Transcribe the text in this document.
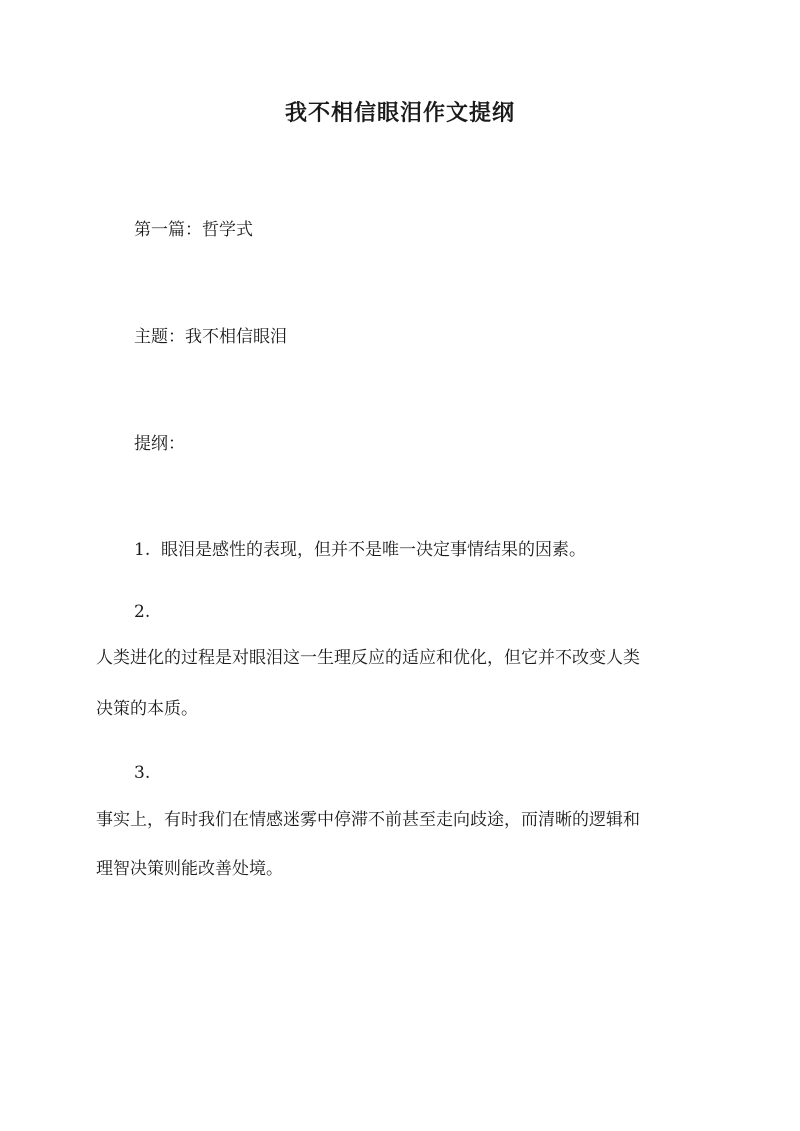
我不相信眼泪作文提纲

第一篇：哲学式

主题：我不相信眼泪

提纲：

1. 眼泪是感性的表现，但并不是唯一决定事情结果的因素。

2.

人类进化的过程是对眼泪这一生理反应的适应和优化，但它并不改变人类

决策的本质。

3.

事实上，有时我们在情感迷雾中停滞不前甚至走向歧途，而清晰的逻辑和

理智决策则能改善处境。
